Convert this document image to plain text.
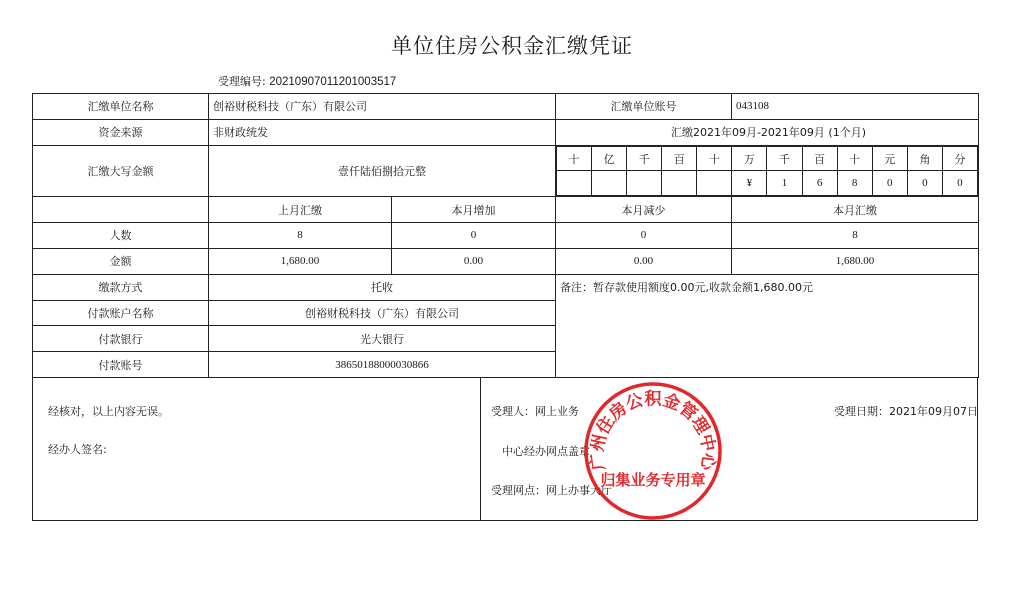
单位住房公积金汇缴凭证
受理编号: 20210907011201003517
汇缴单位名称	创裕财税科技（广东）有限公司	汇缴单位账号	043108
资金来源	非财政统发	汇缴2021年09月-2021年09月 (1个月)
汇缴大写金额	壹仟陆佰捌拾元整	
十	亿	千	百	十	万	千	百	十	元	角	分
					¥	1	6	8	0	0	0

	上月汇缴	本月增加	本月减少	本月汇缴
人数	8	0	0	8
金额	1,680.00	0.00	0.00	1,680.00
缴款方式	托收	备注：暂存款使用额度0.00元,收款金额1,680.00元
付款账户名称	创裕财税科技（广东）有限公司
付款银行	光大银行
付款账号	38650188000030866
经核对，以上内容无误。
经办人签名:
受理人：网上业务	受理日期：2021年09月07日
中心经办网点盖章
受理网点：网上办事大厅
广州住房公积金管理中心
归集业务专用章
